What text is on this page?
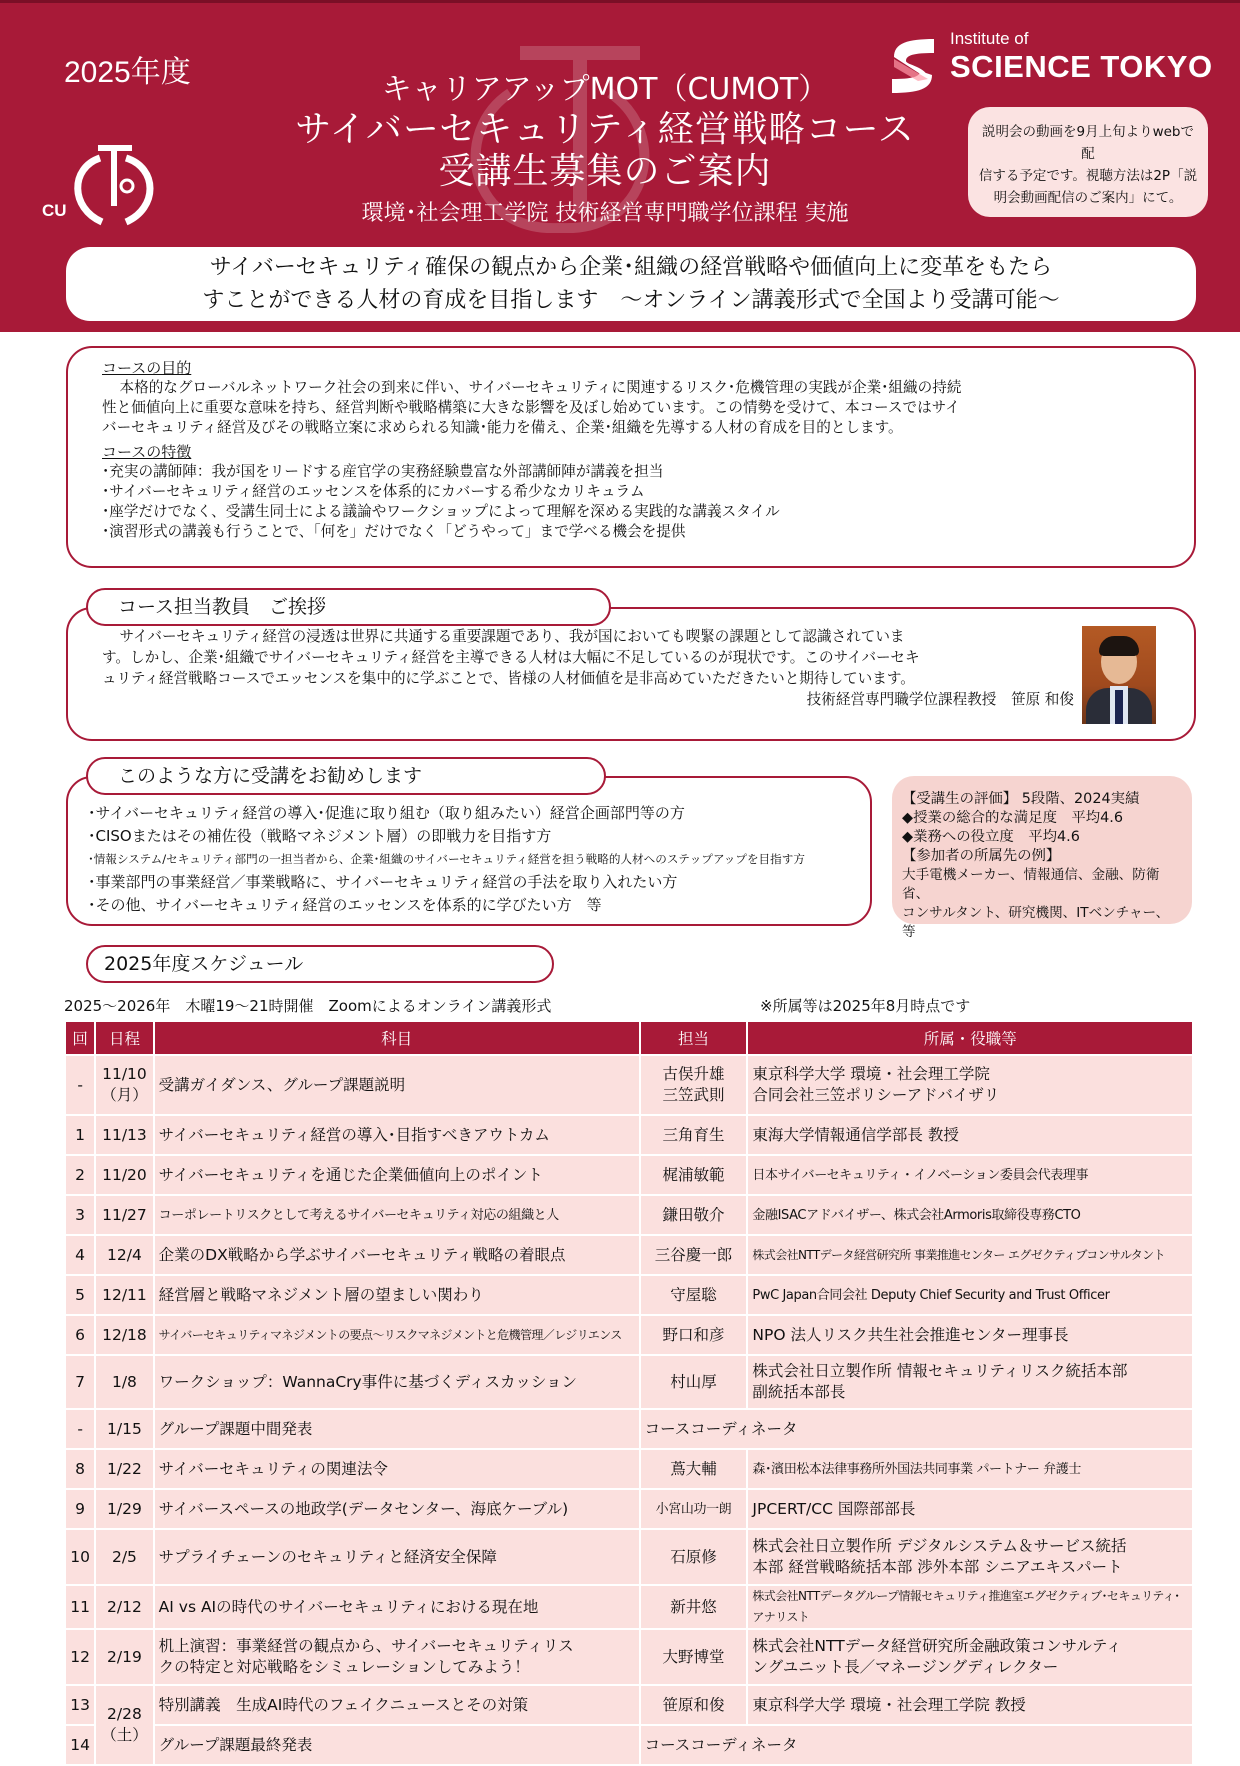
2025年度
CU
キャリアアップMOT（CUMOT）
サイバーセキュリティ経営戦略コース
受講生募集のご案内
環境･社会理工学院 技術経営専門職学位課程 実施
Institute of
SCIENCE TOKYO
説明会の動画を9月上旬よりwebで配
信する予定です。視聴方法は2P「説
明会動画配信のご案内」にて。
サイバーセキュリティ確保の観点から企業･組織の経営戦略や価値向上に変革をもたら
すことができる人材の育成を目指します　～オンライン講義形式で全国より受講可能～
コースの目的
本格的なグローバルネットワーク社会の到来に伴い、サイバーセキュリティに関連するリスク･危機管理の実践が企業･組織の持続
性と価値向上に重要な意味を持ち、経営判断や戦略構築に大きな影響を及ぼし始めています。この情勢を受けて、本コースではサイ
バーセキュリティ経営及びその戦略立案に求められる知識･能力を備え、企業･組織を先導する人材の育成を目的とします。
コースの特徴
･充実の講師陣：我が国をリードする産官学の実務経験豊富な外部講師陣が講義を担当
･サイバーセキュリティ経営のエッセンスを体系的にカバーする希少なカリキュラム
･座学だけでなく、受講生同士による議論やワークショップによって理解を深める実践的な講義スタイル
･演習形式の講義も行うことで、「何を」だけでなく「どうやって」まで学べる機会を提供
サイバーセキュリティ経営の浸透は世界に共通する重要課題であり、我が国においても喫緊の課題として認識されていま
す。しかし、企業･組織でサイバーセキュリティ経営を主導できる人材は大幅に不足しているのが現状です。このサイバーセキ
ュリティ経営戦略コースでエッセンスを集中的に学ぶことで、皆様の人材価値を是非高めていただきたいと期待しています。
技術経営専門職学位課程教授　笹原 和俊
コース担当教員　ご挨拶
･サイバーセキュリティ経営の導入･促進に取り組む（取り組みたい）経営企画部門等の方
･CISOまたはその補佐役（戦略マネジメント層）の即戦力を目指す方
･情報システム/セキュリティ部門の一担当者から、企業･組織のサイバーセキュリティ経営を担う戦略的人材へのステップアップを目指す方
･事業部門の事業経営／事業戦略に、サイバーセキュリティ経営の手法を取り入れたい方
･その他、サイバーセキュリティ経営のエッセンスを体系的に学びたい方　等
このような方に受講をお勧めします
【受講生の評価】 5段階、2024実績
◆授業の総合的な満足度　平均4.6
◆業務への役立度　平均4.6
【参加者の所属先の例】
大手電機メーカー、情報通信、金融、防衛省、
コンサルタント、研究機関、ITベンチャー、等
2025年度スケジュール
2025～2026年　木曜19～21時開催　Zoomによるオンライン講義形式	※所属等は2025年8月時点です
回	日程	科目	担当	所属・役職等
-	11/10
（月）	受講ガイダンス、グループ課題説明	古俣升雄
三笠武則	東京科学大学 環境・社会理工学院
合同会社三笠ポリシーアドバイザリ
1	11/13	サイバーセキュリティ経営の導入･目指すべきアウトカム	三角育生	東海大学情報通信学部長 教授
2	11/20	サイバーセキュリティを通じた企業価値向上のポイント	梶浦敏範	日本サイバーセキュリティ・イノベーション委員会代表理事
3	11/27	コーポレートリスクとして考えるサイバーセキュリティ対応の組織と人	鎌田敬介	金融ISACアドバイザー、株式会社Armoris取締役専務CTO
4	12/4	企業のDX戦略から学ぶサイバーセキュリティ戦略の着眼点	三谷慶一郎	株式会社NTTデータ経営研究所 事業推進センター エグゼクティブコンサルタント
5	12/11	経営層と戦略マネジメント層の望ましい関わり	守屋聡	PwC Japan合同会社 Deputy Chief Security and Trust Officer
6	12/18	サイバーセキュリティマネジメントの要点～リスクマネジメントと危機管理／レジリエンス	野口和彦	NPO 法人リスク共生社会推進センター理事長
7	1/8	ワークショップ：WannaCry事件に基づくディスカッション	村山厚	株式会社日立製作所 情報セキュリティリスク統括本部
副統括本部長
-	1/15	グループ課題中間発表	コースコーディネータ	
8	1/22	サイバーセキュリティの関連法令	蔦大輔	森･濱田松本法律事務所外国法共同事業 パートナー 弁護士
9	1/29	サイバースペースの地政学(データセンター、海底ケーブル)	小宮山功一朗	JPCERT/CC 国際部部長
10	2/5	サプライチェーンのセキュリティと経済安全保障	石原修	株式会社日立製作所 デジタルシステム＆サービス統括
本部 経営戦略統括本部 渉外本部 シニアエキスパート
11	2/12	AI vs AIの時代のサイバーセキュリティにおける現在地	新井悠	株式会社NTTデータグループ情報セキュリティ推進室エグゼクティブ･セキュリティ･アナリスト
12	2/19	机上演習：事業経営の観点から、サイバーセキュリティリス
クの特定と対応戦略をシミュレーションしてみよう！	大野博堂	株式会社NTTデータ経営研究所金融政策コンサルティ
ングユニット長／マネージングディレクター
13	2/28
（土）	特別講義　生成AI時代のフェイクニュースとその対策	笹原和俊	東京科学大学 環境・社会理工学院 教授
14		グループ課題最終発表	コースコーディネータ	
